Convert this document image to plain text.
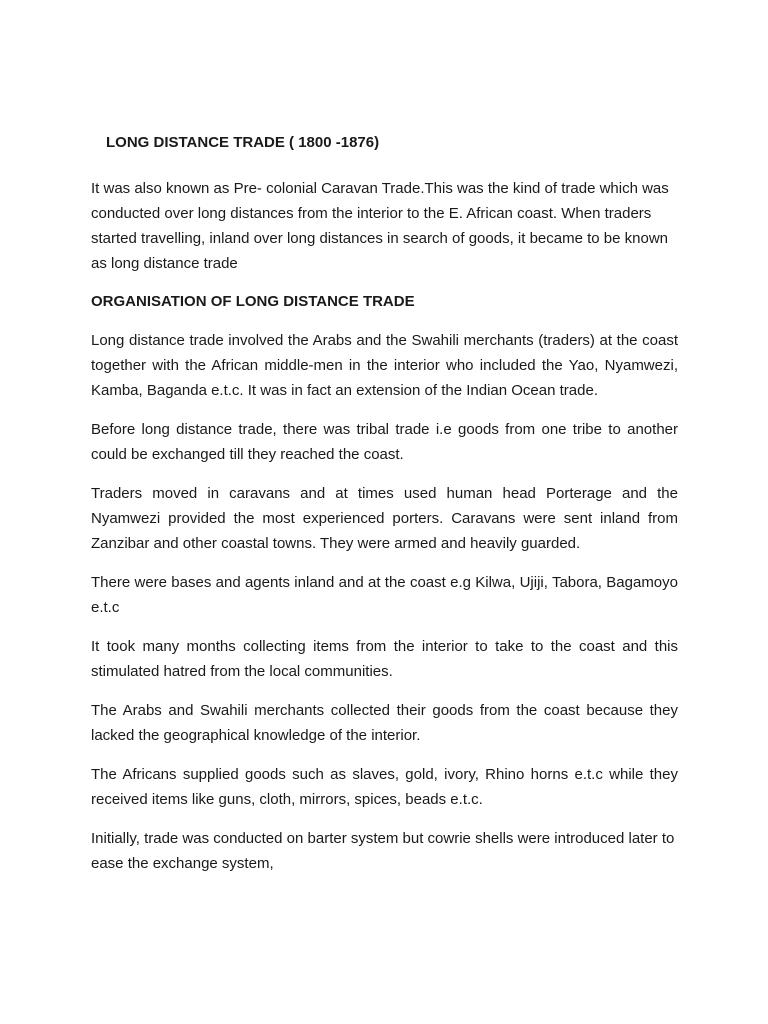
LONG DISTANCE TRADE ( 1800 -1876)

It was also known as Pre- colonial Caravan Trade.This was the kind of trade which was conducted over long distances from the interior to the E. African coast. When traders started travelling, inland over long distances in search of goods, it became to be known as long distance trade

ORGANISATION OF LONG DISTANCE TRADE

Long distance trade involved the Arabs and the Swahili merchants (traders) at the coast together with the African middle-men in the interior who included the Yao, Nyamwezi, Kamba, Baganda e.t.c. It was in fact an extension of the Indian Ocean trade.

Before long distance trade, there was tribal trade i.e goods from one tribe to another could be exchanged till they reached the coast.

Traders moved in caravans and at times used human head Porterage and the Nyamwezi provided the most experienced porters. Caravans were sent inland from Zanzibar and other coastal towns. They were armed and heavily guarded.

There were bases and agents inland and at the coast e.g Kilwa, Ujiji, Tabora, Bagamoyo e.t.c

It took many months collecting items from the interior to take to the coast and this stimulated hatred from the local communities.

The Arabs and Swahili merchants collected their goods from the coast because they lacked the geographical knowledge of the interior.

The Africans supplied goods such as slaves, gold, ivory, Rhino horns e.t.c while they received items like guns, cloth, mirrors, spices, beads e.t.c.

Initially, trade was conducted on barter system but cowrie shells were introduced later to ease the exchange system,
